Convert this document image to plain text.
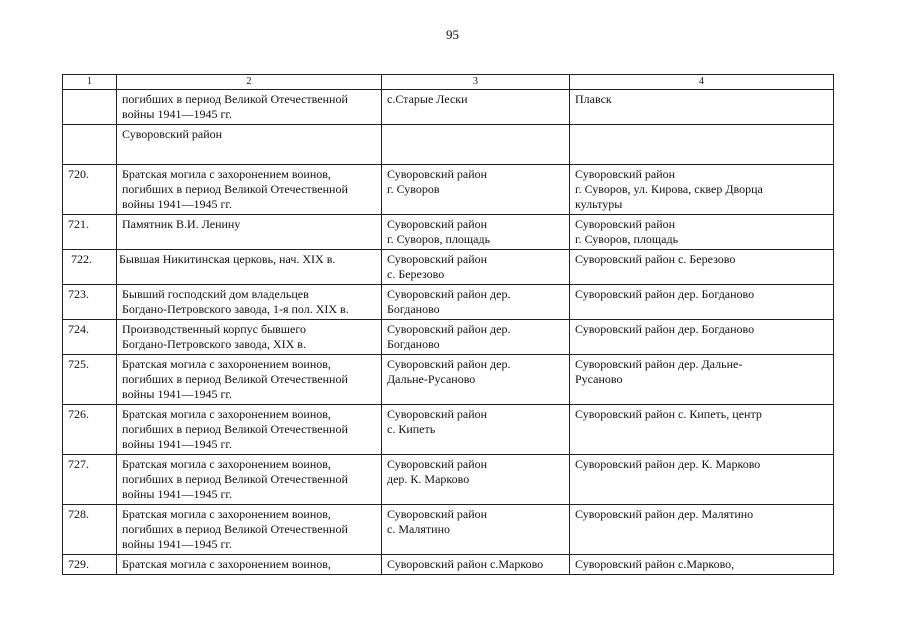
95
1	2	3	4

	погибших в период Великой Отечественной
войны 1941—1945 гг.	с.Старые Лески	Плавск

	Суворовский район		
720.	Братская могила с захоронением воинов,
погибших в период Великой Отечественной
войны 1941—1945 гг.	Суворовский район
г. Суворов	Суворовский район
г. Суворов, ул. Кирова, сквер Дворца
культуры

721.	Памятник В.И. Ленину	Суворовский район
г. Суворов, площадь	Суворовский район
г. Суворов, площадь

722.	Бывшая Никитинская церковь, нач. XIX в.	Суворовский район
с. Березово	Суворовский район с. Березово

723.	Бывший господский дом владельцев
Богдано-Петровского завода, 1-я пол. XIX в.	Суворовский район дер.
Богданово	Суворовский район дер. Богданово

724.	Производственный корпус бывшего
Богдано-Петровского завода, XIX в.	Суворовский район дер.
Богданово	Суворовский район дер. Богданово

725.	Братская могила с захоронением воинов,
погибших в период Великой Отечественной
войны 1941—1945 гг.	Суворовский район дер.
Дальне-Русаново	Суворовский район дер. Дальне-
Русаново

726.	Братская могила с захоронением воинов,
погибших в период Великой Отечественной
войны 1941—1945 гг.	Суворовский район
с. Кипеть	Суворовский район с. Кипеть, центр

727.	Братская могила с захоронением воинов,
погибших в период Великой Отечественной
войны 1941—1945 гг.	Суворовский район
дер. К. Марково	Суворовский район дер. К. Марково

728.	Братская могила с захоронением воинов,
погибших в период Великой Отечественной
войны 1941—1945 гг.	Суворовский район
с. Малятино	Суворовский район дер. Малятино

729.	Братская могила с захоронением воинов,	Суворовский район с.Марково	Суворовский район с.Марково,
